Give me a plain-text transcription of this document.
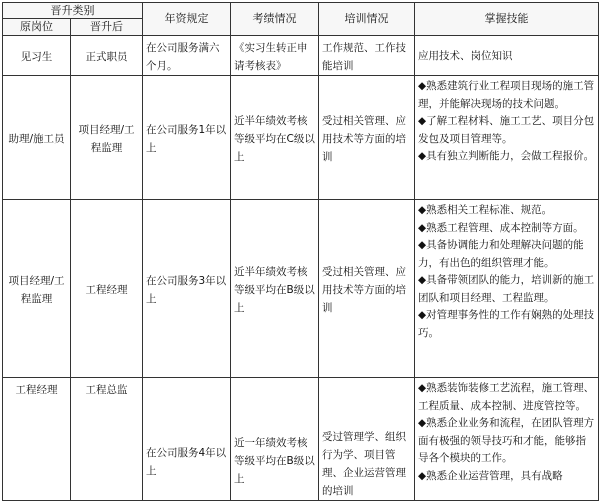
晋升类别		年资规定	考绩情况	培训情况	掌握技能
原岗位	晋升后				
见习生	正式职员	在公司服务满六个月。	《实习生转正申请考核表》	工作规范、工作技能培训	应用技术、岗位知识

助理/施工员	项目经理/工程监理	在公司服务1年以上	近半年绩效考核等级平均在C级以上	受过相关管理、应用技术等方面的培训	◆熟悉建筑行业工程项目现场的施工管理，并能解决现场的技术问题。
◆了解工程材料、施工工艺、项目分包发包及项目管理等。
◆具有独立判断能力，会做工程报价。

项目经理/工程监理	工程经理	在公司服务3年以上	近半年绩效考核等级平均在B级以上	受过相关管理、应用技术等方面的培训	◆熟悉相关工程标准、规范。
◆熟悉工程管理、成本控制等方面。
◆具备协调能力和处理解决问题的能力，有出色的组织管理才能。
◆具备带领团队的能力，培训新的施工团队和项目经理、工程监理。
◆对管理事务性的工作有娴熟的处理技巧。

工程经理	工程总监	在公司服务4年以上	近一年绩效考核等级平均在B级以上	受过管理学、组织行为学、项目管理、企业运营管理的培训	◆熟悉装饰装修工艺流程，施工管理、工程质量、成本控制、进度管控等。
◆熟悉企业业务和流程，在团队管理方面有极强的领导技巧和才能，能够指导各个模块的工作。
◆熟悉企业运营管理，具有战略
